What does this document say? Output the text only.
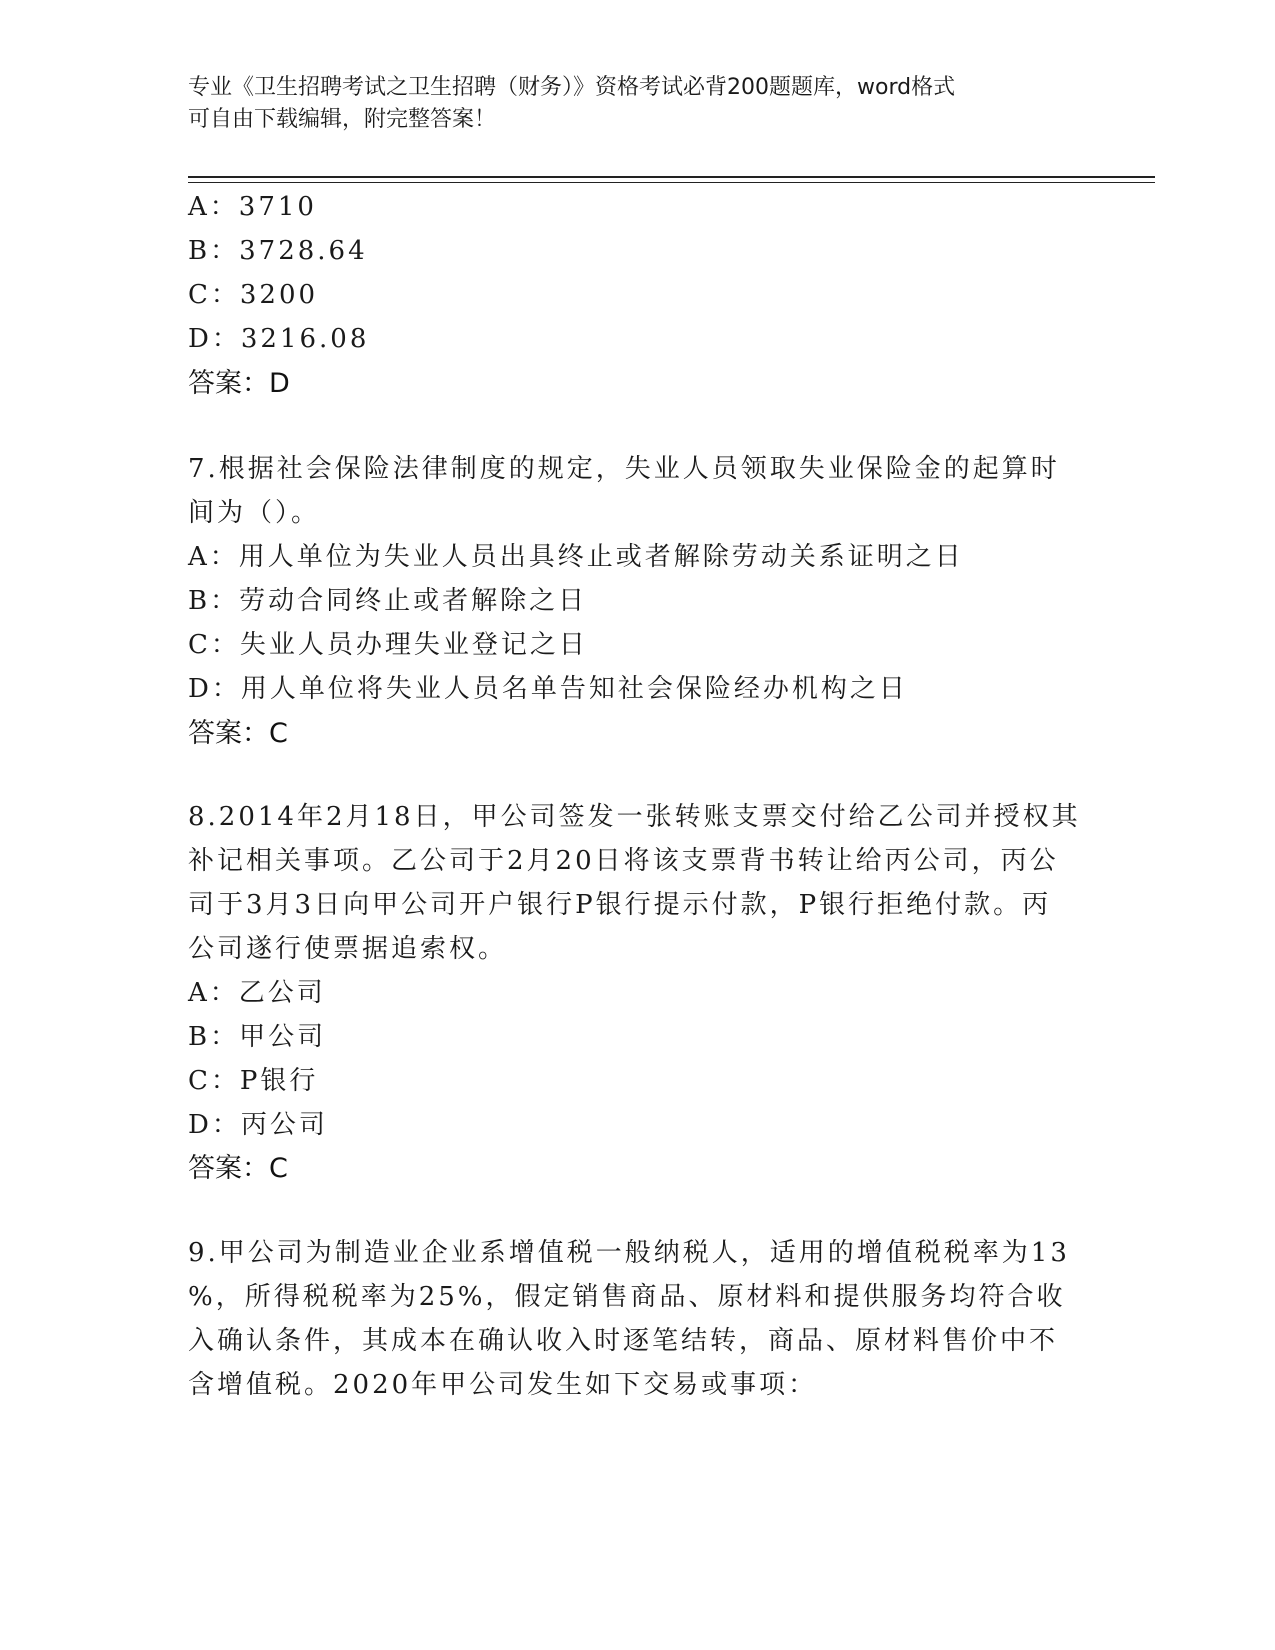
专业《卫生招聘考试之卫生招聘（财务）》资格考试必背200题题库，word格式
可自由下载编辑，附完整答案！
A：3710
B：3728.64
C：3200
D：3216.08
答案：D
7.根据社会保险法律制度的规定，失业人员领取失业保险金的起算时
间为（）。
A：用人单位为失业人员出具终止或者解除劳动关系证明之日
B：劳动合同终止或者解除之日
C：失业人员办理失业登记之日
D：用人单位将失业人员名单告知社会保险经办机构之日
答案：C
8.2014年2月18日，甲公司签发一张转账支票交付给乙公司并授权其
补记相关事项。乙公司于2月20日将该支票背书转让给丙公司，丙公
司于3月3日向甲公司开户银行P银行提示付款，P银行拒绝付款。丙
公司遂行使票据追索权。
A：乙公司
B：甲公司
C：P银行
D：丙公司
答案：C
9.甲公司为制造业企业系增值税一般纳税人，适用的增值税税率为13
%，所得税税率为25%，假定销售商品、原材料和提供服务均符合收
入确认条件，其成本在确认收入时逐笔结转，商品、原材料售价中不
含增值税。2020年甲公司发生如下交易或事项：
